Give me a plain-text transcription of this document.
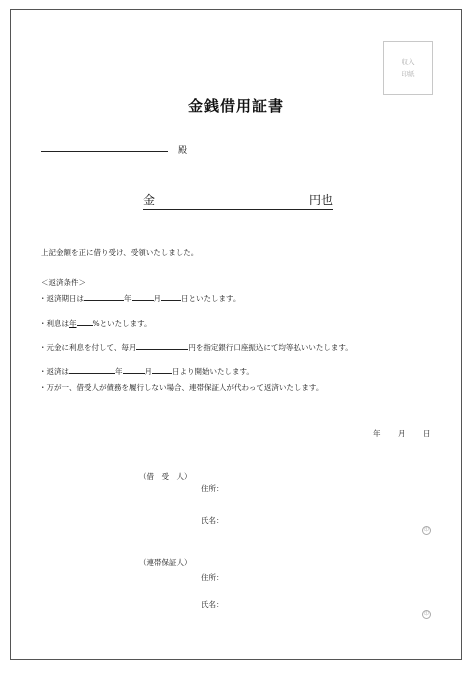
収入
印紙
金銭借用証書
殿
金	円也
上記金額を正に借り受け、受領いたしました。
＜返済条件＞
・返済期日は	年	月	日といたします。
・利息は年 %といたします。
・元金に利息を付して、毎月	円を指定銀行口座振込にて均等払いいたします。
・返済は	年	月	日より開始いたします。
・万が一、借受人が債務を履行しない場合、連帯保証人が代わって返済いたします。
年 月 日
（借　受　人）
住所：
氏名：
印
（連帯保証人）
住所：
氏名：
印
